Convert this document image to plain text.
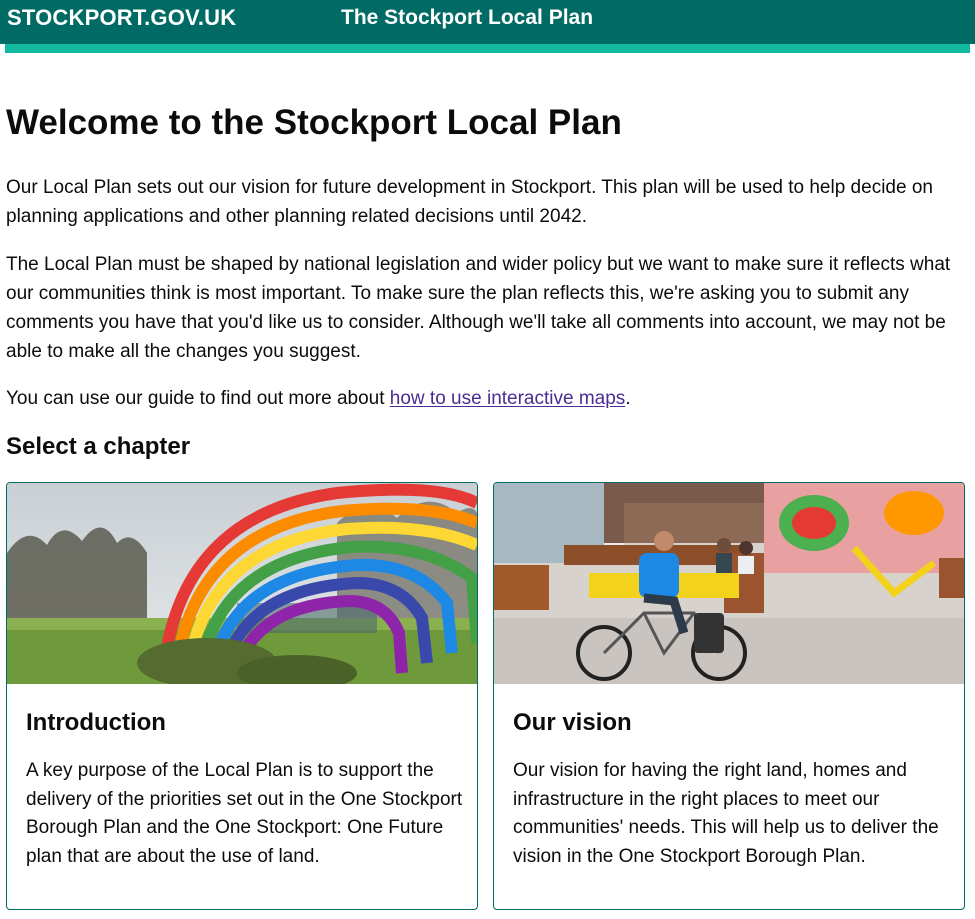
STOCKPORT.GOV.UK	The Stockport Local Plan
Welcome to the Stockport Local Plan

Our Local Plan sets out our vision for future development in Stockport. This plan will be used to help decide on planning applications and other planning related decisions until 2042.

The Local Plan must be shaped by national legislation and wider policy but we want to make sure it reflects what our communities think is most important. To make sure the plan reflects this, we're asking you to submit any comments you have that you'd like us to consider. Although we'll take all comments into account, we may not be able to make all the changes you suggest.

You can use our guide to find out more about how to use interactive maps.

Select a chapter
Introduction

A key purpose of the Local Plan is to support the delivery of the priorities set out in the One Stockport Borough Plan and the One Stockport: One Future plan that are about the use of land.

Our vision

Our vision for having the right land, homes and infrastructure in the right places to meet our communities' needs. This will help us to deliver the vision in the One Stockport Borough Plan.
